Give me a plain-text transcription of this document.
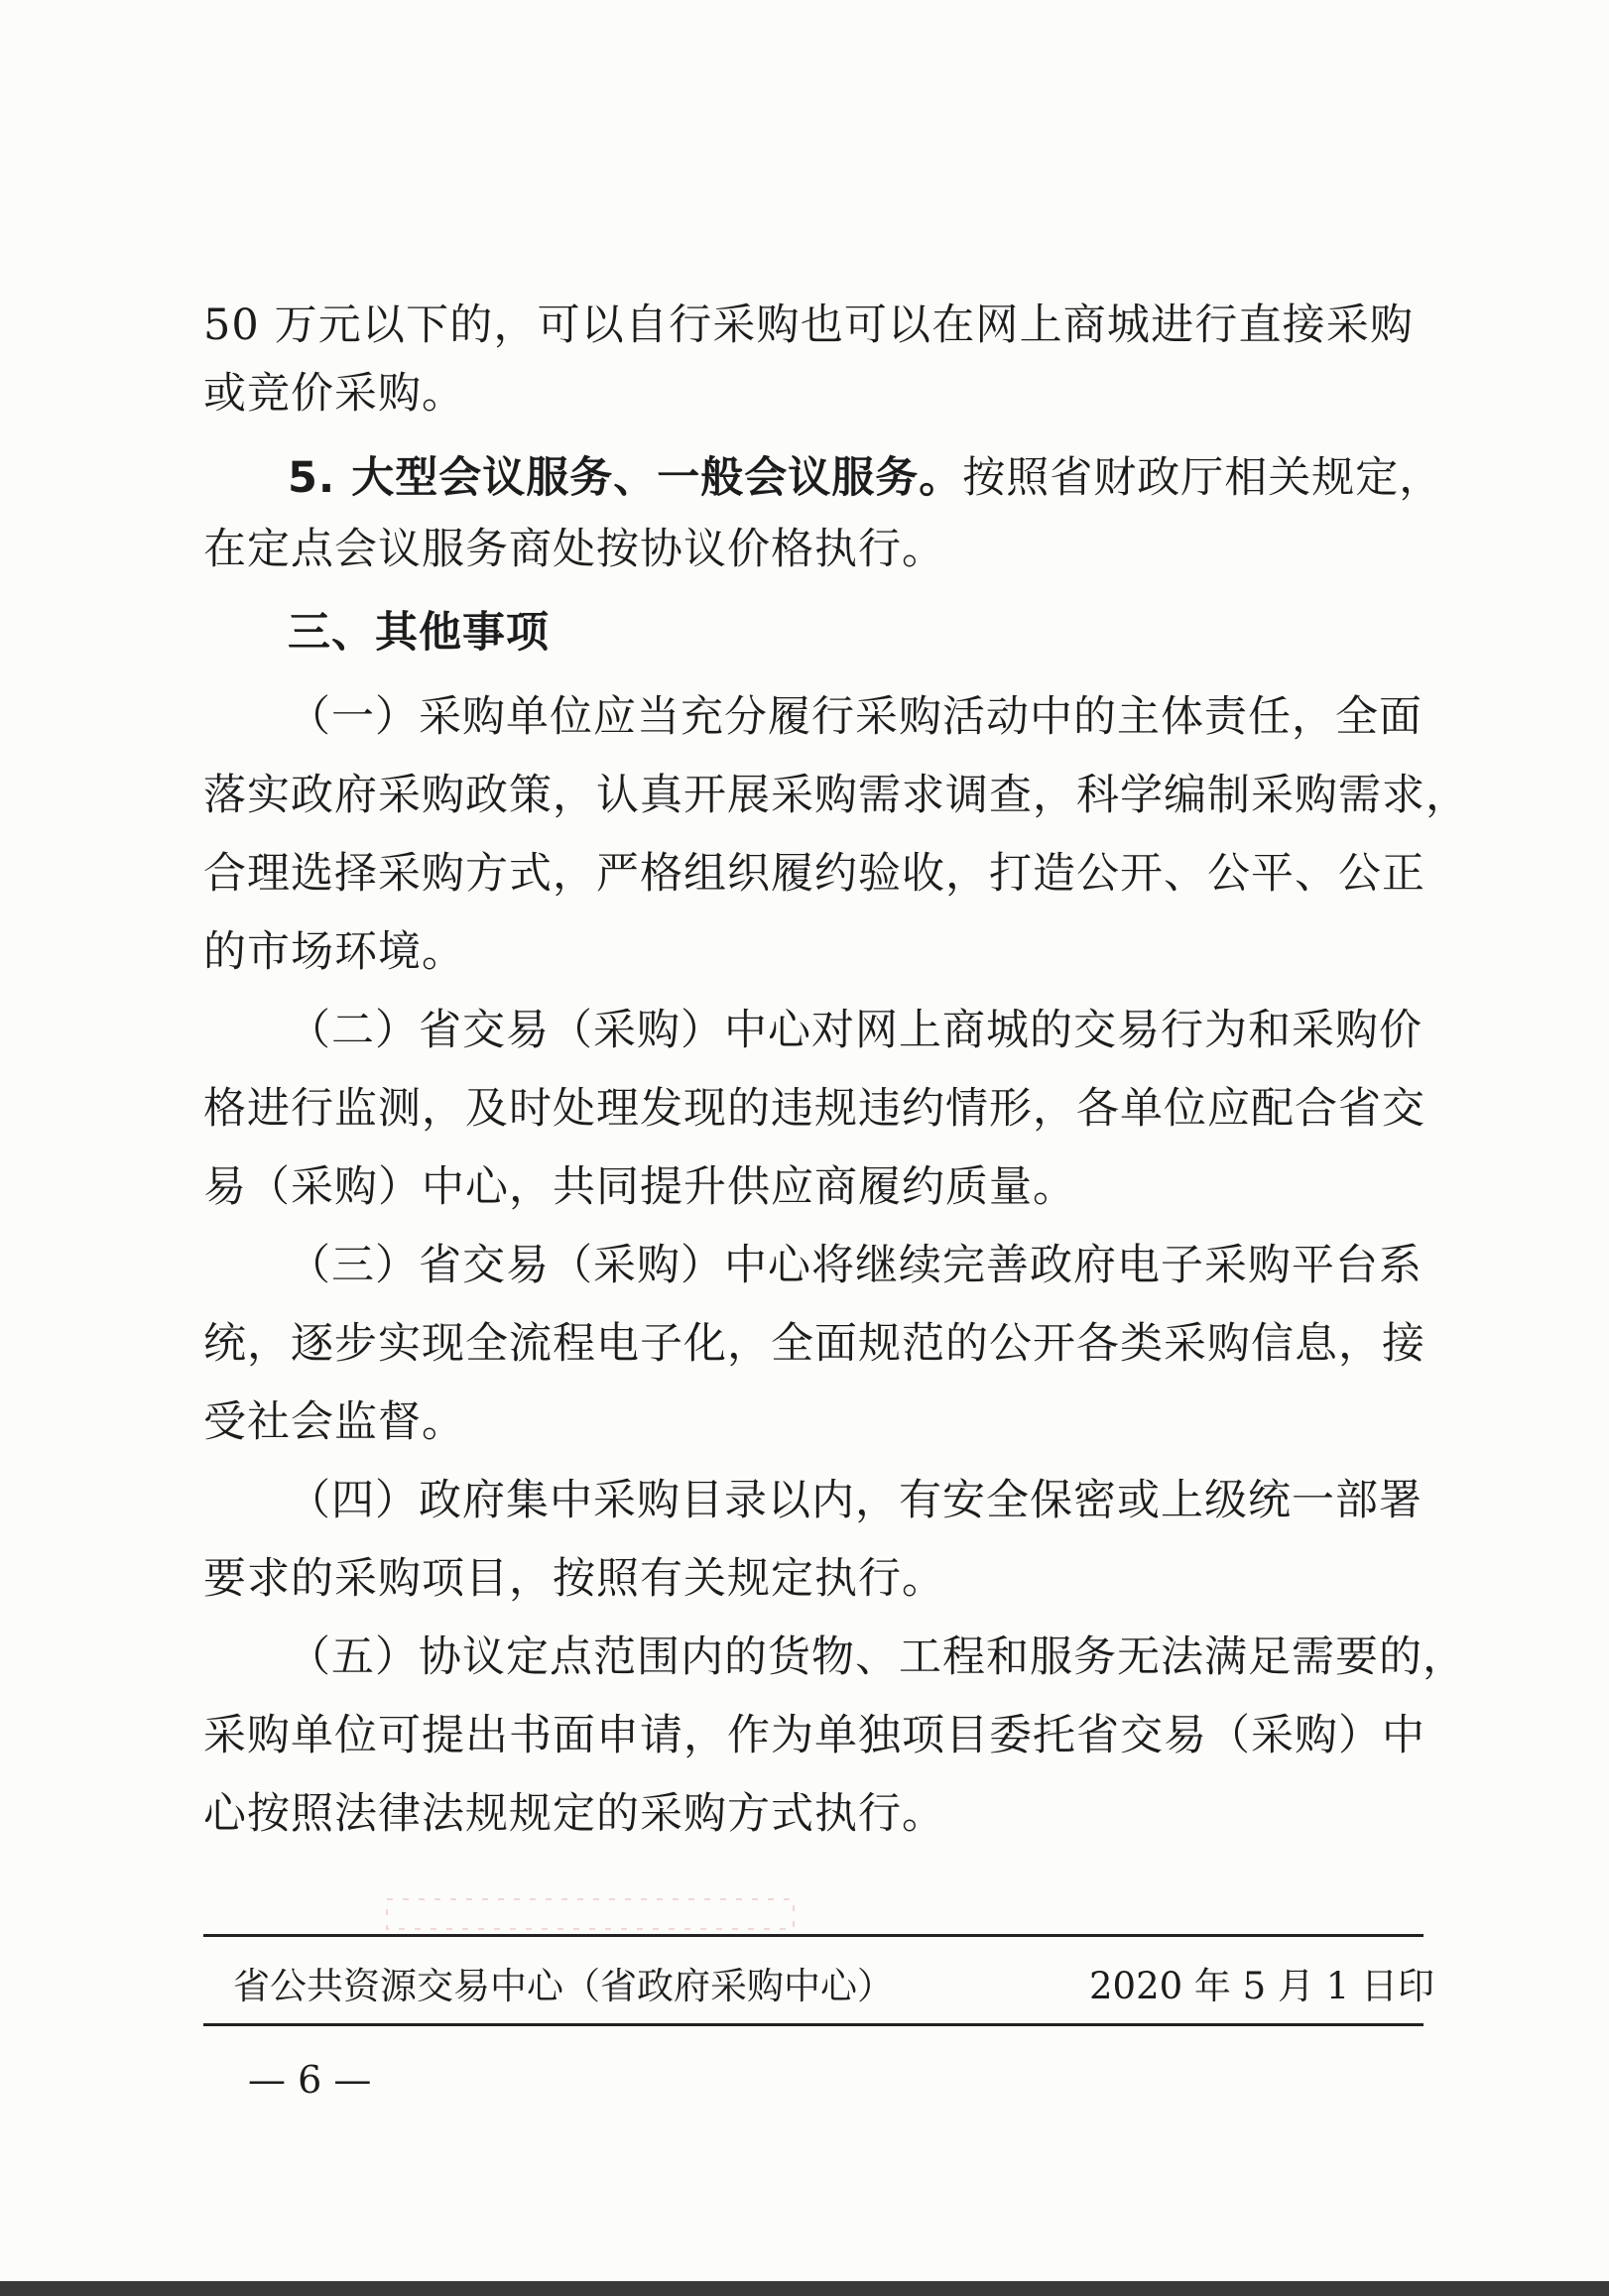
50 万元以下的，可以自行采购也可以在网上商城进行直接采购
或竞价采购。
5. 大型会议服务、一般会议服务。按照省财政厅相关规定，
在定点会议服务商处按协议价格执行。
三、其他事项
（一）采购单位应当充分履行采购活动中的主体责任，全面
落实政府采购政策，认真开展采购需求调查，科学编制采购需求，
合理选择采购方式，严格组织履约验收，打造公开、公平、公正
的市场环境。
（二）省交易（采购）中心对网上商城的交易行为和采购价
格进行监测，及时处理发现的违规违约情形，各单位应配合省交
易（采购）中心，共同提升供应商履约质量。
（三）省交易（采购）中心将继续完善政府电子采购平台系
统，逐步实现全流程电子化，全面规范的公开各类采购信息，接
受社会监督。
（四）政府集中采购目录以内，有安全保密或上级统一部署
要求的采购项目，按照有关规定执行。
（五）协议定点范围内的货物、工程和服务无法满足需要的，
采购单位可提出书面申请，作为单独项目委托省交易（采购）中
心按照法律法规规定的采购方式执行。
省公共资源交易中心（省政府采购中心）	2020 年 5 月 1 日印
— 6 —
